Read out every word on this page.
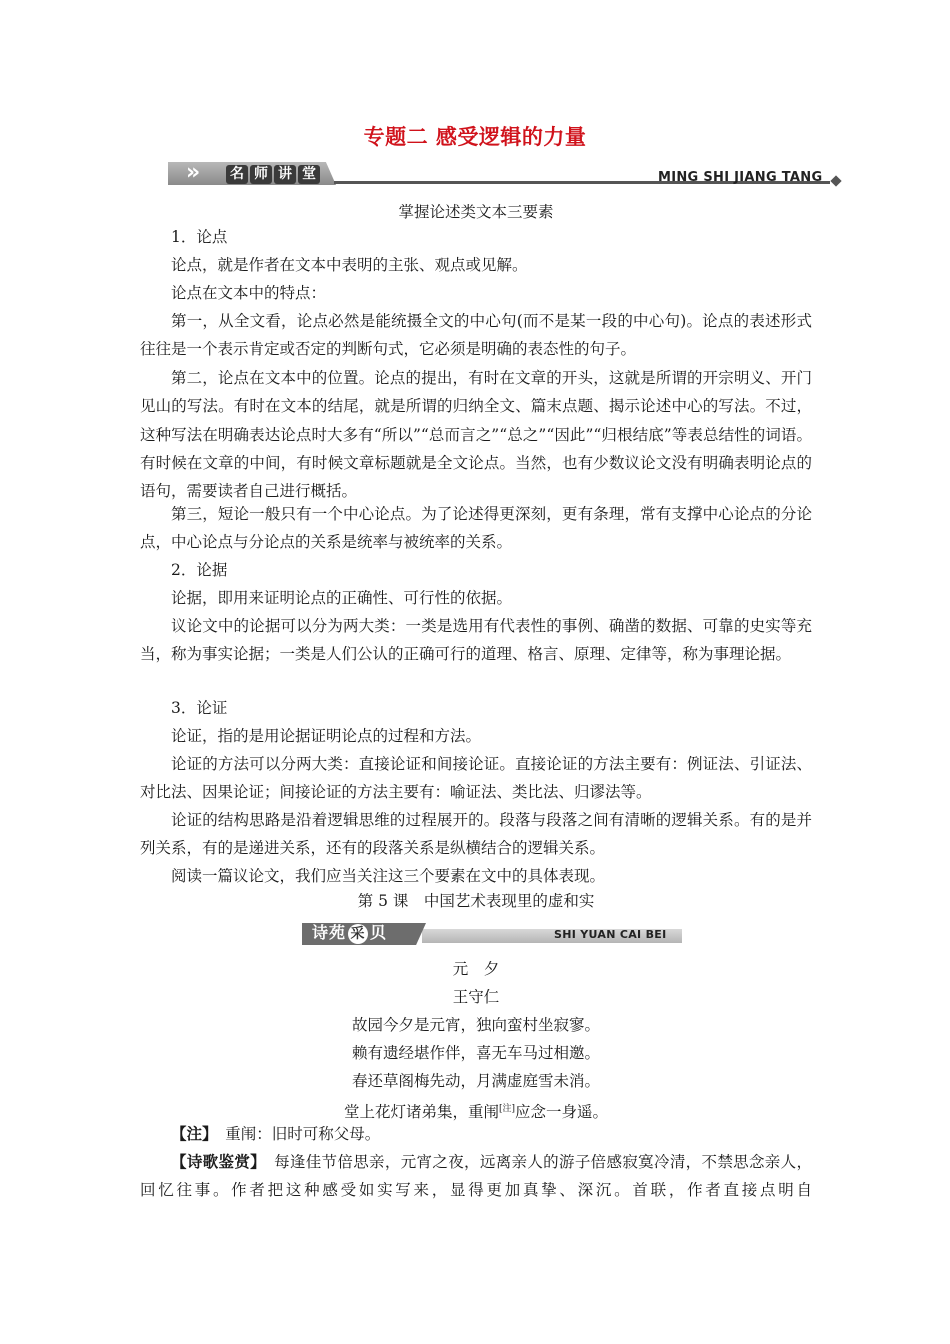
专题二 感受逻辑的力量
»	名 师 讲 堂	MING SHI JIANG TANG
掌握论述类文本三要素
1．论点
论点，就是作者在文本中表明的主张、观点或见解。
论点在文本中的特点：
第一，从全文看，论点必然是能统摄全文的中心句(而不是某一段的中心句)。论点的表述形式往往是一个表示肯定或否定的判断句式，它必须是明确的表态性的句子。
第二，论点在文本中的位置。论点的提出，有时在文章的开头，这就是所谓的开宗明义、开门见山的写法。有时在文本的结尾，就是所谓的归纳全文、篇末点题、揭示论述中心的写法。不过，这种写法在明确表达论点时大多有“所以”“总而言之”“总之”“因此”“归根结底”等表总结性的词语。有时候在文章的中间，有时候文章标题就是全文论点。当然，也有少数议论文没有明确表明论点的语句，需要读者自己进行概括。
第三，短论一般只有一个中心论点。为了论述得更深刻，更有条理，常有支撑中心论点的分论点，中心论点与分论点的关系是统率与被统率的关系。
2．论据
论据，即用来证明论点的正确性、可行性的依据。
议论文中的论据可以分为两大类：一类是选用有代表性的事例、确凿的数据、可靠的史实等充当，称为事实论据；一类是人们公认的正确可行的道理、格言、原理、定律等，称为事理论据。
3．论证
论证，指的是用论据证明论点的过程和方法。
论证的方法可以分两大类：直接论证和间接论证。直接论证的方法主要有：例证法、引证法、对比法、因果论证；间接论证的方法主要有：喻证法、类比法、归谬法等。
论证的结构思路是沿着逻辑思维的过程展开的。段落与段落之间有清晰的逻辑关系。有的是并列关系，有的是递进关系，还有的段落关系是纵横结合的逻辑关系。
阅读一篇议论文，我们应当关注这三个要素在文中的具体表现。
第 5 课　中国艺术表现里的虚和实
诗苑 采 贝	SHI YUAN CAI BEI
元　夕
王守仁
故园今夕是元宵，独向蛮村坐寂寥。
赖有遗经堪作伴，喜无车马过相邀。
春还草阁梅先动，月满虚庭雪未消。
堂上花灯诸弟集，重闱[注]应念一身遥。
【注】　重闱：旧时可称父母。
【诗歌鉴赏】　每逢佳节倍思亲，元宵之夜，远离亲人的游子倍感寂寞冷清，不禁思念亲人，回忆往事。作者把这种感受如实写来，显得更加真挚、深沉。首联，作者直接点明自
